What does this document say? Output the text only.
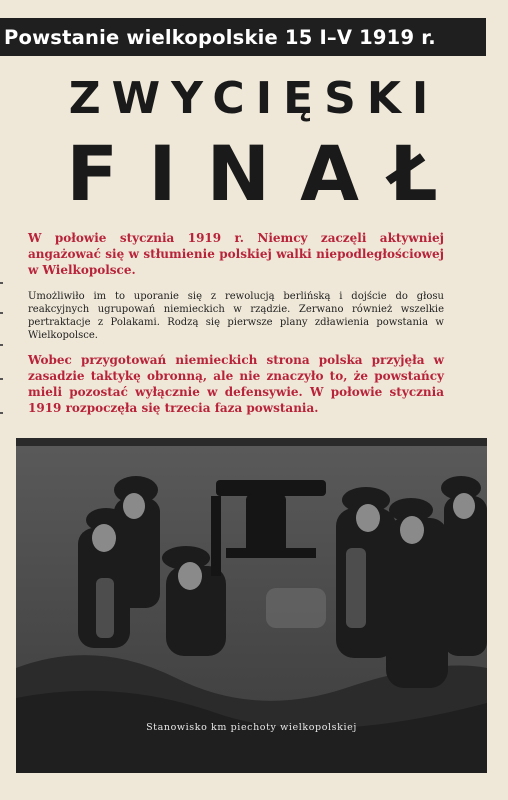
Powstanie wielkopolskie 15 I–V 1919 r.
ZWYCIĘSKI
FINAŁ

W połowie stycznia 1919 r. Niemcy zaczęli aktywniej angażować się w stłumienie polskiej walki niepodległościowej w Wielkopolsce.

Umożliwiło im to uporanie się z rewolucją berlińską i dojście do głosu reakcyjnych ugrupowań niemieckich w rządzie. Zerwano również wszelkie pertraktacje z Polakami. Rodzą się pierwsze plany zdławienia powstania w Wielkopolsce.

Wobec przygotowań niemieckich strona polska przyjęła w zasadzie taktykę obronną, ale nie znaczyło to, że powstańcy mieli pozostać wyłącznie w defensywie. W połowie stycznia 1919 rozpoczęła się trzecia faza powstania.

Stanowisko km piechoty wielkopolskiej
